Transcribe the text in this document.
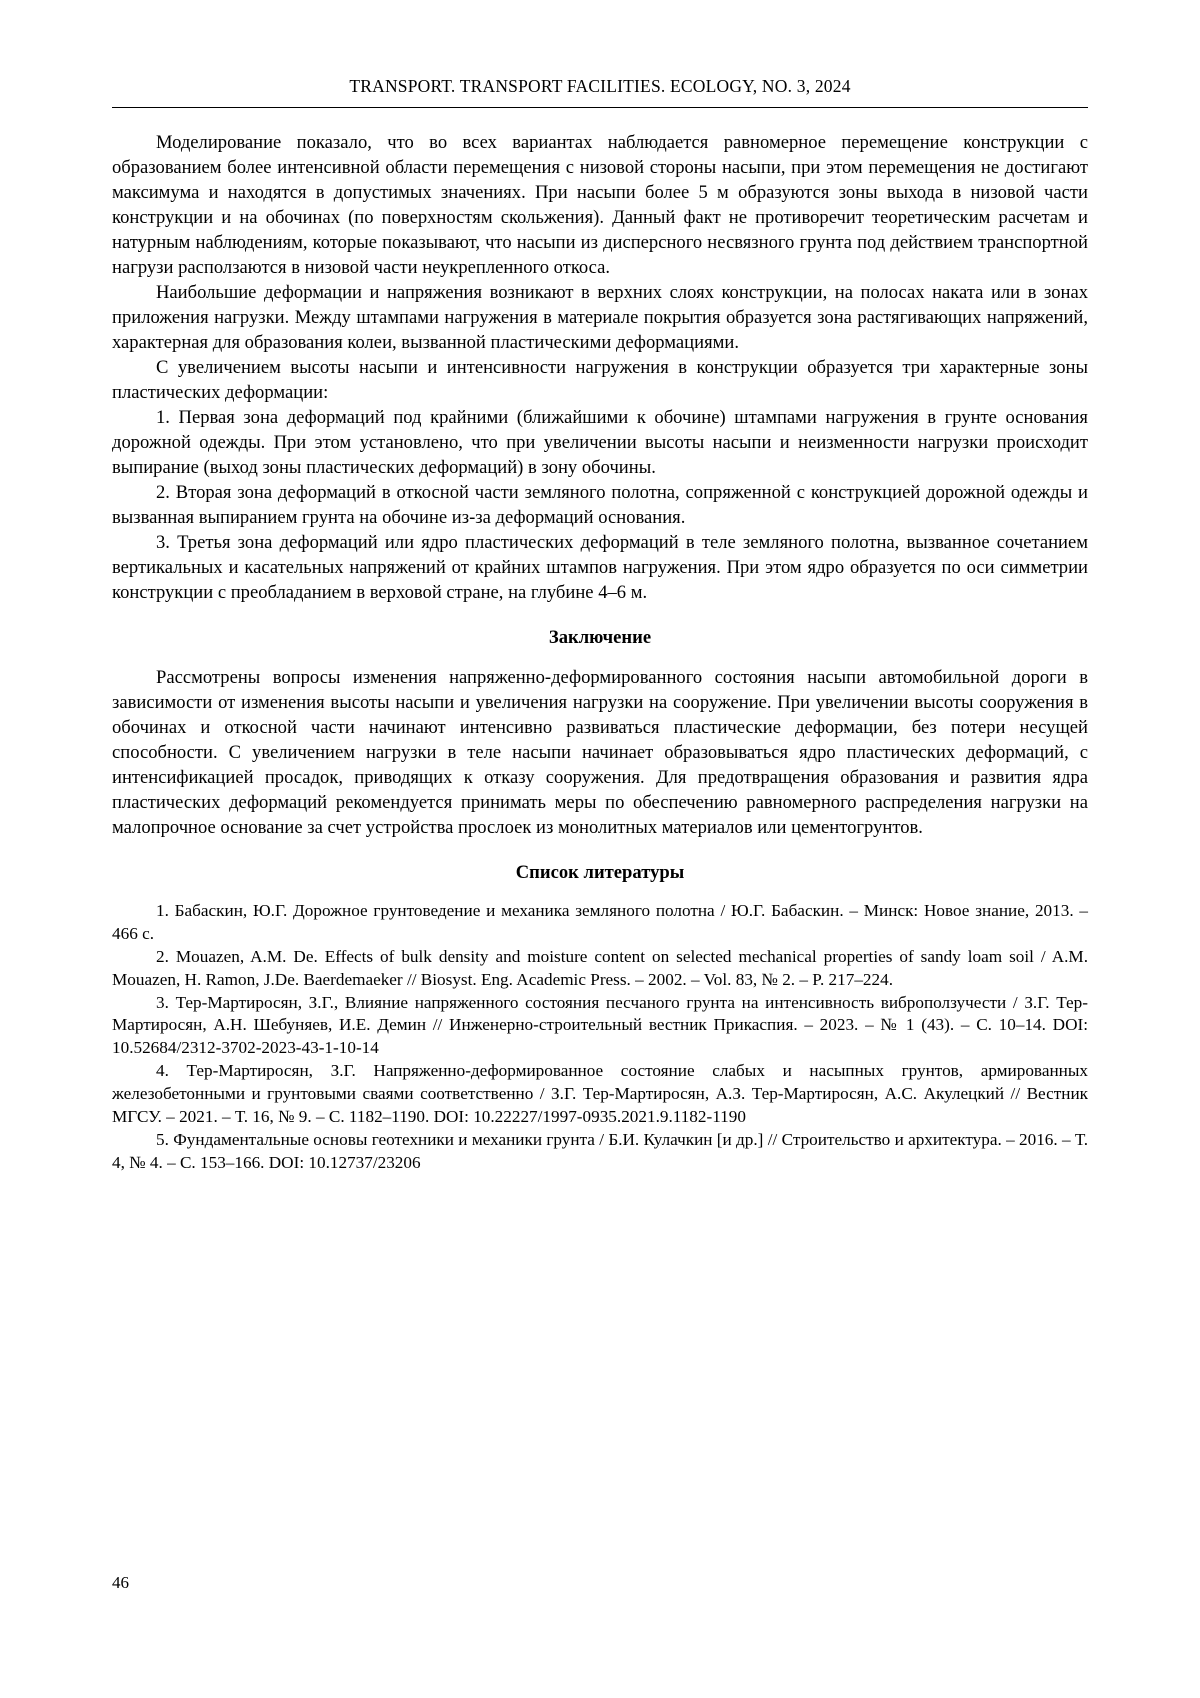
TRANSPORT. TRANSPORT FACILITIES. ECOLOGY, NO. 3, 2024

Моделирование показало, что во всех вариантах наблюдается равномерное перемещение конструкции с образованием более интенсивной области перемещения с низовой стороны насыпи, при этом перемещения не достигают максимума и находятся в допустимых значениях. При насыпи более 5 м образуются зоны выхода в низовой части конструкции и на обочинах (по поверхностям скольжения). Данный факт не противоречит теоретическим расчетам и натурным наблюдениям, которые показывают, что насыпи из дисперсного несвязного грунта под действием транспортной нагрузи расползаются в низовой части неукрепленного откоса.

Наибольшие деформации и напряжения возникают в верхних слоях конструкции, на полосах наката или в зонах приложения нагрузки. Между штампами нагружения в материале покрытия образуется зона растягивающих напряжений, характерная для образования колеи, вызванной пластическими деформациями.

С увеличением высоты насыпи и интенсивности нагружения в конструкции образуется три характерные зоны пластических деформации:

1. Первая зона деформаций под крайними (ближайшими к обочине) штампами нагружения в грунте основания дорожной одежды. При этом установлено, что при увеличении высоты насыпи и неизменности нагрузки происходит выпирание (выход зоны пластических деформаций) в зону обочины.

2. Вторая зона деформаций в откосной части земляного полотна, сопряженной с конструкцией дорожной одежды и вызванная выпиранием грунта на обочине из-за деформаций основания.

3. Третья зона деформаций или ядро пластических деформаций в теле земляного полотна, вызванное сочетанием вертикальных и касательных напряжений от крайних штампов нагружения. При этом ядро образуется по оси симметрии конструкции с преобладанием в верховой стране, на глубине 4–6 м.

Заключение

Рассмотрены вопросы изменения напряженно-деформированного состояния насыпи автомобильной дороги в зависимости от изменения высоты насыпи и увеличения нагрузки на сооружение. При увеличении высоты сооружения в обочинах и откосной части начинают интенсивно развиваться пластические деформации, без потери несущей способности. С увеличением нагрузки в теле насыпи начинает образовываться ядро пластических деформаций, с интенсификацией просадок, приводящих к отказу сооружения. Для предотвращения образования и развития ядра пластических деформаций рекомендуется принимать меры по обеспечению равномерного распределения нагрузки на малопрочное основание за счет устройства прослоек из монолитных материалов или цементогрунтов.

Список литературы

1. Бабаскин, Ю.Г. Дорожное грунтоведение и механика земляного полотна / Ю.Г. Бабаскин. – Минск: Новое знание, 2013. – 466 с.

2. Mouazen, A.M. De. Effects of bulk density and moisture content on selected mechanical properties of sandy loam soil / A.M. Mouazen, H. Ramon, J.De. Baerdemaeker // Biosyst. Eng. Academic Press. – 2002. – Vol. 83, № 2. – P. 217–224.

3. Тер-Мартиросян, З.Г., Влияние напряженного состояния песчаного грунта на интенсивность виброползучести / З.Г. Тер-Мартиросян, А.Н. Шебуняев, И.Е. Демин // Инженерно-строительный вестник Прикаспия. – 2023. – № 1 (43). – С. 10–14. DOI: 10.52684/2312-3702-2023-43-1-10-14

4. Тер-Мартиросян, З.Г. Напряженно-деформированное состояние слабых и насыпных грунтов, армированных железобетонными и грунтовыми сваями соответственно / З.Г. Тер-Мартиросян, А.З. Тер-Мартиросян, А.С. Акулецкий // Вестник МГСУ. – 2021. – Т. 16, № 9. – С. 1182–1190. DOI: 10.22227/1997-0935.2021.9.1182-1190

5. Фундаментальные основы геотехники и механики грунта / Б.И. Кулачкин [и др.] // Строительство и архитектура. – 2016. – Т. 4, № 4. – С. 153–166. DOI: 10.12737/23206

46
